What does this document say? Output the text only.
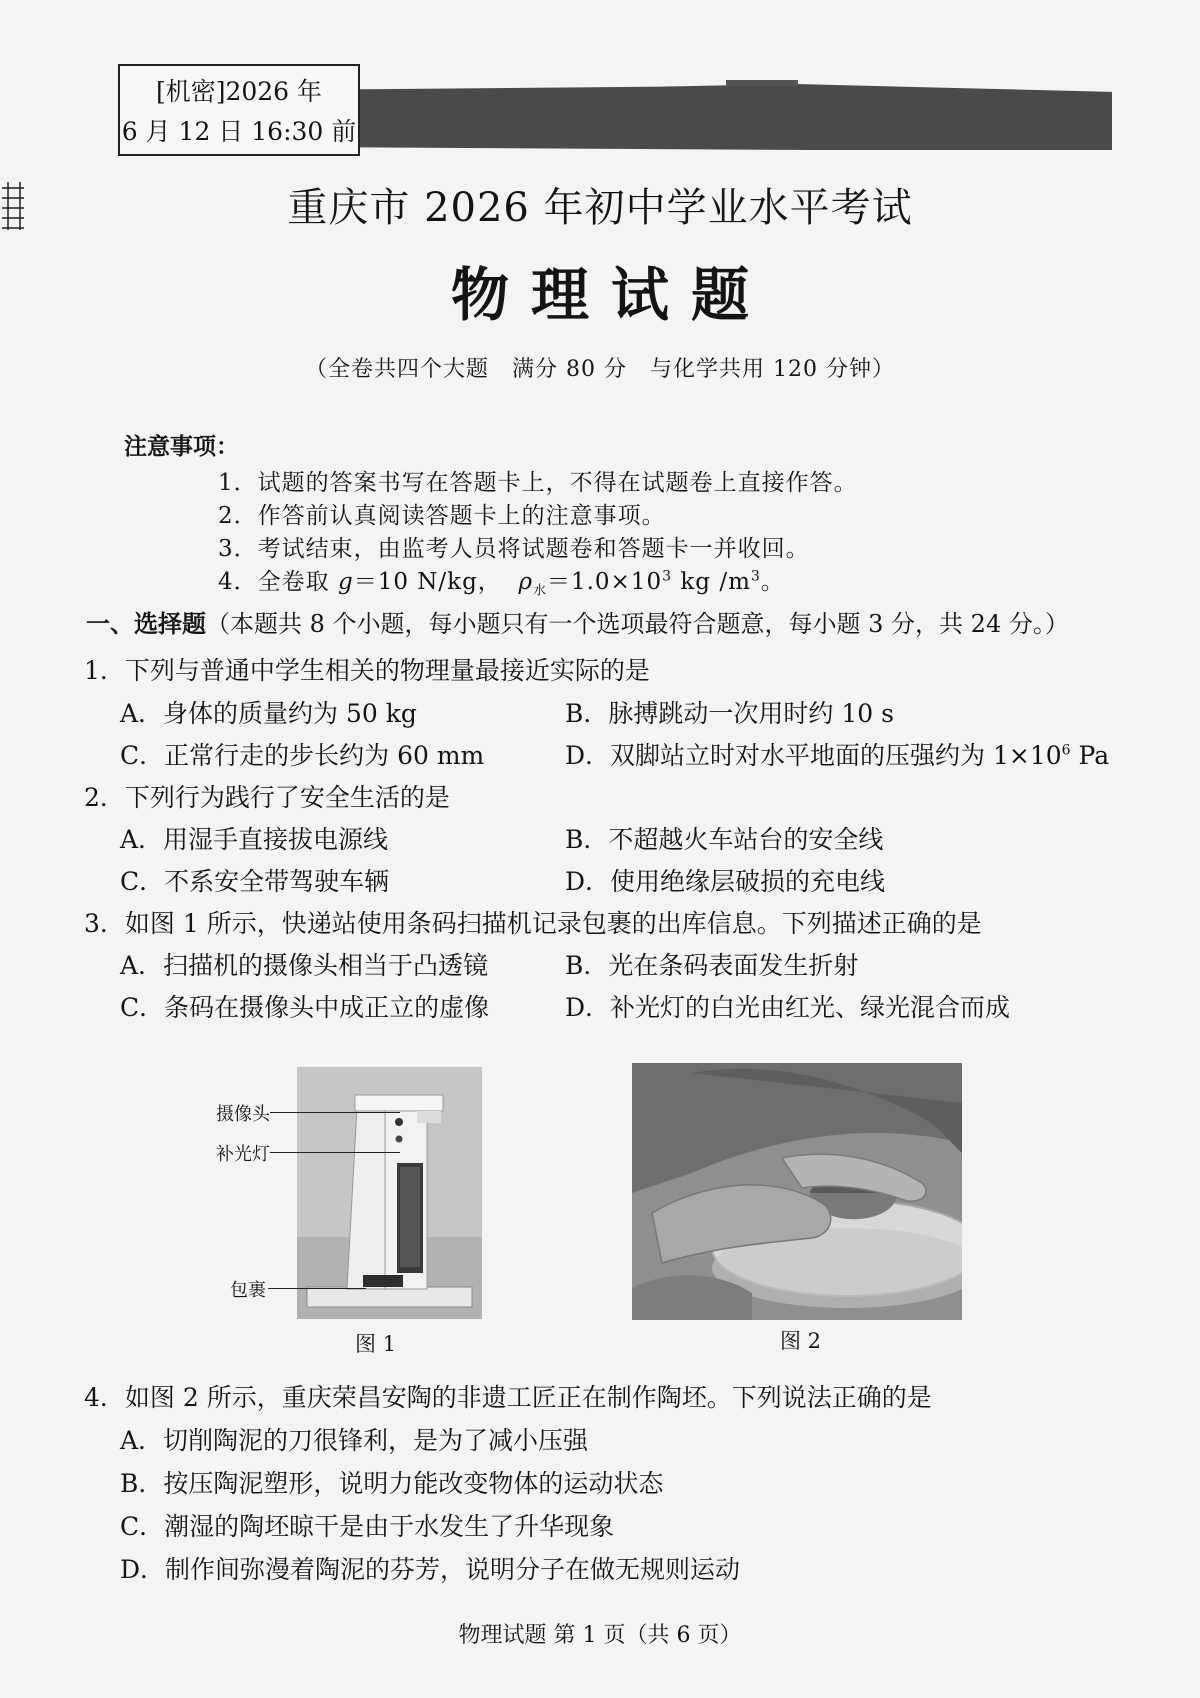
[机密]2026 年
6 月 12 日 16:30 前
重庆市 2026 年初中学业水平考试
物理试题
（全卷共四个大题　满分 80 分　与化学共用 120 分钟）
注意事项：
1．试题的答案书写在答题卡上，不得在试题卷上直接作答。
2．作答前认真阅读答题卡上的注意事项。
3．考试结束，由监考人员将试题卷和答题卡一并收回。
4．全卷取 g＝10 N/kg， $\rho_水=1.0\times 10^3$ kg $/m^3$。
一、选择题（本题共 8 个小题，每小题只有一个选项最符合题意，每小题 3 分，共 24 分。）
1．下列与普通中学生相关的物理量最接近实际的是
A．身体的质量约为 50 kg	B．脉搏跳动一次用时约 10 s
C．正常行走的步长约为 60 mm	D．双脚站立时对水平地面的压强约为 $1\times 10^6$ Pa
2．下列行为践行了安全生活的是
A．用湿手直接拔电源线	B．不超越火车站台的安全线
C．不系安全带驾驶车辆	D．使用绝缘层破损的充电线
3．如图 1 所示，快递站使用条码扫描机记录包裹的出库信息。下列描述正确的是
A．扫描机的摄像头相当于凸透镜	B．光在条码表面发生折射
C．条码在摄像头中成正立的虚像	D．补光灯的白光由红光、绿光混合而成
摄像头
补光灯
包裹
图 1	图 2
4．如图 2 所示，重庆荣昌安陶的非遗工匠正在制作陶坯。下列说法正确的是
A．切削陶泥的刀很锋利，是为了减小压强
B．按压陶泥塑形，说明力能改变物体的运动状态
C．潮湿的陶坯晾干是由于水发生了升华现象
D．制作间弥漫着陶泥的芬芳，说明分子在做无规则运动
物理试题 第 1 页（共 6 页）
